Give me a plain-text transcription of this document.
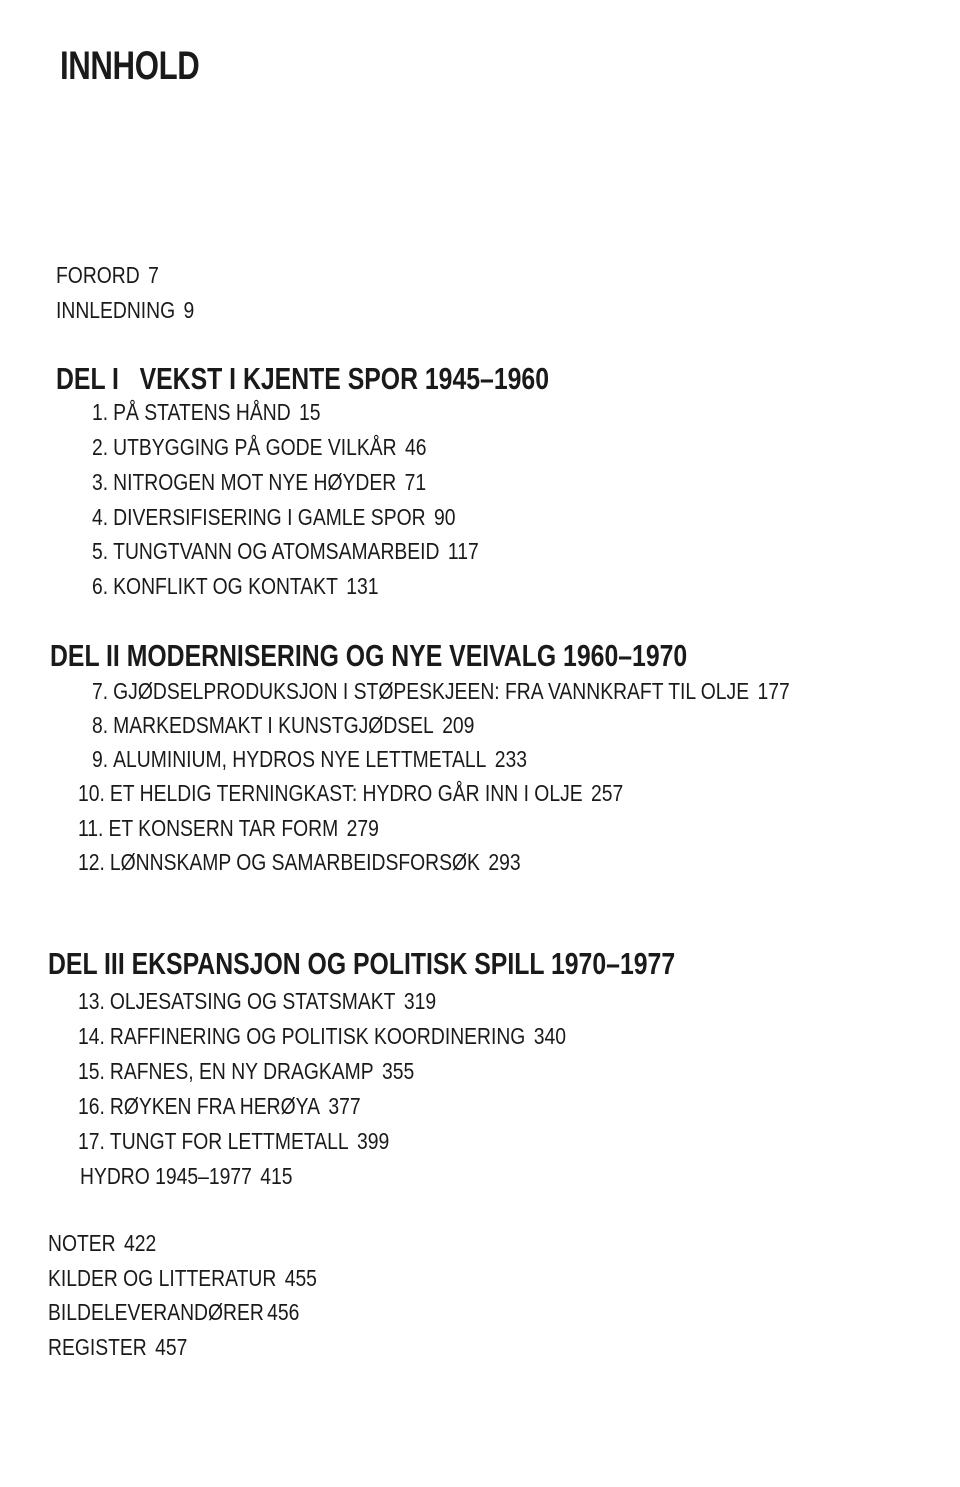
INNHOLD
FORORD 7
INNLEDNING 9
DEL I   VEKST I KJENTE SPOR 1945–1960
1. PÅ STATENS HÅND 15
2. UTBYGGING PÅ GODE VILKÅR 46
3. NITROGEN MOT NYE HØYDER 71
4. DIVERSIFISERING I GAMLE SPOR 90
5. TUNGTVANN OG ATOMSAMARBEID 117
6. KONFLIKT OG KONTAKT 131
DEL II MODERNISERING OG NYE VEIVALG 1960–1970
7. GJØDSELPRODUKSJON I STØPESKJEEN: FRA VANNKRAFT TIL OLJE 177
8. MARKEDSMAKT I KUNSTGJØDSEL 209
9. ALUMINIUM, HYDROS NYE LETTMETALL 233
10. ET HELDIG TERNINGKAST: HYDRO GÅR INN I OLJE 257
11. ET KONSERN TAR FORM 279
12. LØNNSKAMP OG SAMARBEIDSFORSØK 293
DEL III EKSPANSJON OG POLITISK SPILL 1970–1977
13. OLJESATSING OG STATSMAKT 319
14. RAFFINERING OG POLITISK KOORDINERING 340
15. RAFNES, EN NY DRAGKAMP 355
16. RØYKEN FRA HERØYA 377
17. TUNGT FOR LETTMETALL 399
HYDRO 1945–1977 415
NOTER 422
KILDER OG LITTERATUR 455
BILDELEVERANDØRER 456
REGISTER 457
